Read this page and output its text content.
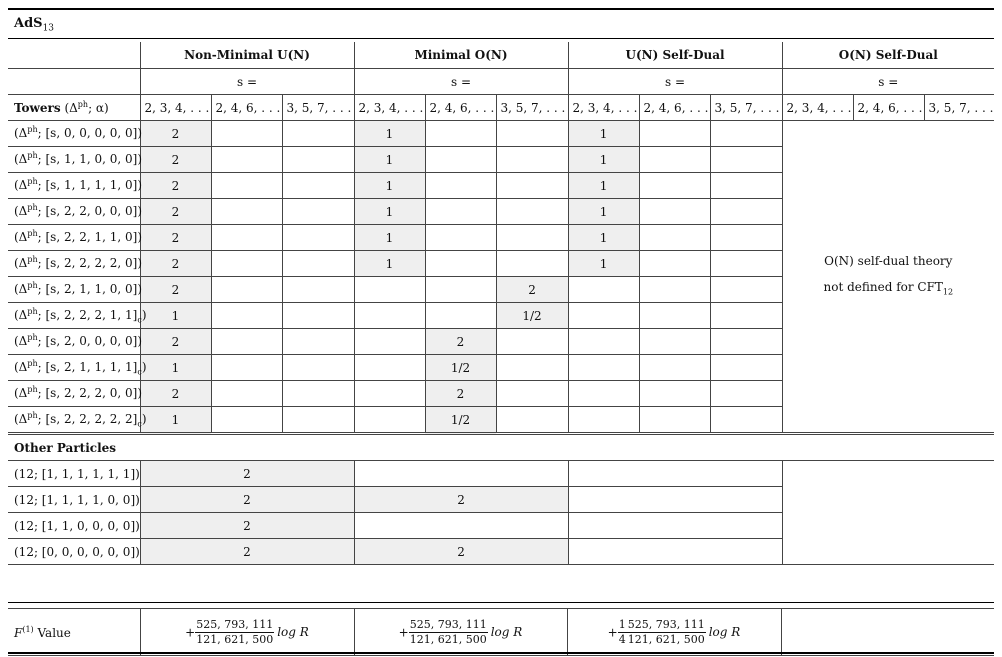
AdS$_{13}$
	Non-Minimal U(N)			Minimal O(N)			U(N) Self-Dual			O(N) Self-Dual		
	s =			s =			s =			s =		
Towers ($\Delta^{ph}$; α)	2, 3, 4, . . .	2, 4, 6, . . .	3, 5, 7, . . .	2, 3, 4, . . .	2, 4, 6, . . .	3, 5, 7, . . .	2, 3, 4, . . .	2, 4, 6, . . .	3, 5, 7, . . .	2, 3, 4, . . .	2, 4, 6, . . .	3, 5, 7, . . .
($\Delta^{ph}$; [s, 0, 0, 0, 0, 0])	2			1			1			O(N) self-dual theory
not defined for $CFT_{12}$

($\Delta^{ph}$; [s, 1, 1, 0, 0, 0])	2			1			1					
($\Delta^{ph}$; [s, 1, 1, 1, 1, 0])	2			1			1					
($\Delta^{ph}$; [s, 2, 2, 0, 0, 0])	2			1			1					
($\Delta^{ph}$; [s, 2, 2, 1, 1, 0])	2			1			1					
($\Delta^{ph}$; [s, 2, 2, 2, 2, 0])	2			1			1					
($\Delta^{ph}$; [s, 2, 1, 1, 0, 0])	2					2						
($\Delta^{ph}$; [s, 2, 2, 2, 1, $1]_c$)	1					1/2						
($\Delta^{ph}$; [s, 2, 0, 0, 0, 0])	2				2							
($\Delta^{ph}$; [s, 2, 1, 1, 1, $1]_c$)	1				1/2							
($\Delta^{ph}$; [s, 2, 2, 2, 0, 0])	2				2							
($\Delta^{ph}$; [s, 2, 2, 2, 2, $2]_c$)	1				1/2							
Other Particles												
(12; [1, 1, 1, 1, 1, 1])	2											
(12; [1, 1, 1, 1, 0, 0])	2			2								
(12; [1, 1, 0, 0, 0, 0])	2											
(12; [0, 0, 0, 0, 0, 0])	2			2								
$F^{(1)}$ Value	+ $\frac{525, 793, 111}{121, 621, 500}$ log R	+ $\frac{525, 793, 111}{121, 621, 500}$ log R	+ $\frac{1}{4} \frac{525, 793, 111}{121, 621, 500}$ log R	
